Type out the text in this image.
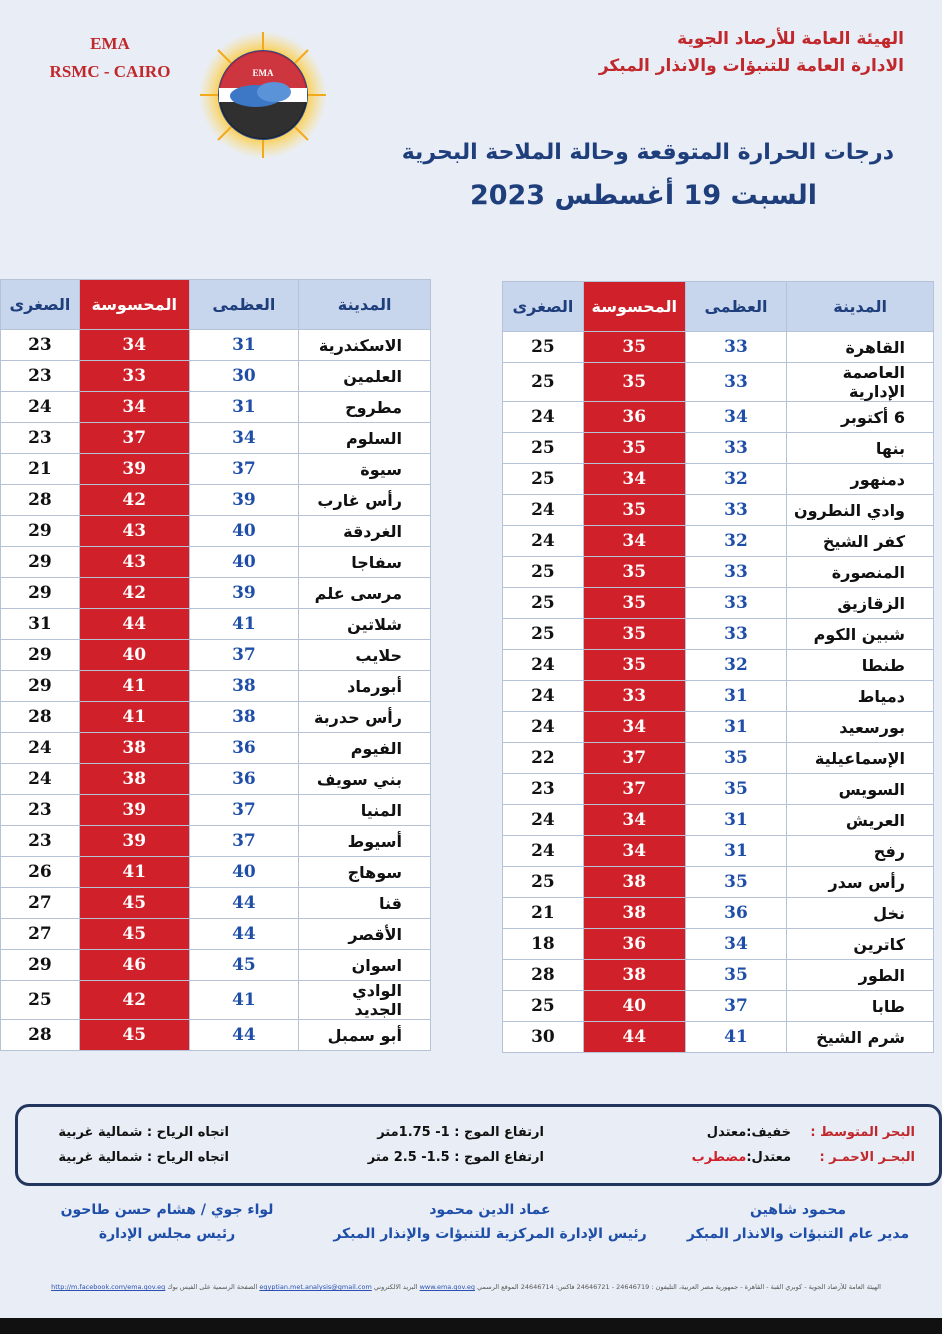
الهيئة العامة للأرصاد الجوية
الادارة العامة للتنبؤات والانذار المبكر
EMA
RSMC - CAIRO	EMA
درجات الحرارة المتوقعة وحالة الملاحة البحرية
السبت 19 أغسطس 2023
المدينة	العظمى	المحسوسة	الصغرى
القاهرة	33	35	25
العاصمة الإدارية	33	35	25
6 أكتوبر	34	36	24
بنها	33	35	25
دمنهور	32	34	25
وادي النطرون	33	35	24
كفر الشيخ	32	34	24
المنصورة	33	35	25
الزقازيق	33	35	25
شبين الكوم	33	35	25
طنطا	32	35	24
دمياط	31	33	24
بورسعيد	31	34	24
الإسماعيلية	35	37	22
السويس	35	37	23
العريش	31	34	24
رفح	31	34	24
رأس سدر	35	38	25
نخل	36	38	21
كاترين	34	36	18
الطور	35	38	28
طابا	37	40	25
شرم الشيخ	41	44	30
المدينة	العظمى	المحسوسة	الصغرى
الاسكندرية	31	34	23
العلمين	30	33	23
مطروح	31	34	24
السلوم	34	37	23
سيوة	37	39	21
رأس غارب	39	42	28
الغردقة	40	43	29
سفاجا	40	43	29
مرسى علم	39	42	29
شلاتين	41	44	31
حلايب	37	40	29
أبورماد	38	41	29
رأس حدربة	38	41	28
الفيوم	36	38	24
بني سويف	36	38	24
المنيا	37	39	23
أسيوط	37	39	23
سوهاج	40	41	26
قنا	44	45	27
الأقصر	44	45	27
اسوان	45	46	29
الوادي الجديد	41	42	25
أبو سمبل	44	45	28
البحر المتوسط :
خفيف:معتدل
ارتفاع الموج : 1- 1.75متر
اتجاه الرياح : شمالية غربية
البحـر الاحمـر :
معتدل:مضطرب
ارتفاع الموج : 1.5- 2.5 متر
اتجاه الرياح : شمالية غربية
محمود شاهين
مدير عام التنبؤات والانذار المبكر
عماد الدين محمود
رئيس الإدارة المركزية للتنبؤات والإنذار المبكر
لواء جوي / هشام حسن طاحون
رئيس مجلس الإدارة
الهيئة العامة للأرصاد الجوية - كوبري القبة - القاهرة - جمهورية مصر العربية، التليفون : 24646719 - 24646721 فاكس: 24646714 الموقع الرسمي www.ema.gov.eg البريد الالكتروني egyptian.met.analysis@gmail.com الصفحة الرسمية على الفيس بوك http://m.facebook.com/ema.gov.eg
